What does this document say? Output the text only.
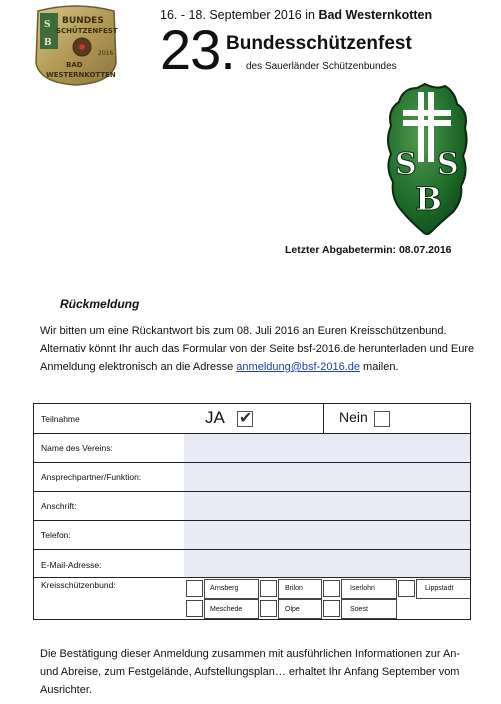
S
B
BUNDES
SCHÜTZENFEST
2016
BAD
WESTERNKOTTEN
16. - 18. September 2016 in Bad Westernkotten
23.
Bundesschützenfest
des Sauerländer Schützenbundes
S S
B
Letzter Abgabetermin: 08.07.2016
Rückmeldung
Wir bitten um eine Rückantwort bis zum 08. Juli 2016 an Euren Kreisschützenbund. Alternativ könnt Ihr auch das Formular von der Seite bsf-2016.de herunterladen und Eure Anmeldung elektronisch an die Adresse anmeldung@bsf-2016.de mailen.
Teilnahme	JA ✔	Nein
Name des Vereins:
Ansprechpartner/Funktion:
Anschrift:
Telefon:
E-Mail-Adresse:
Kreisschützenbund:	Arnsberg	Brilon	Iserlohn	Lippstadt
Meschede	Olpe	Soest
Die Bestätigung dieser Anmeldung zusammen mit ausführlichen Informationen zur An- und Abreise, zum Festgelände, Aufstellungsplan… erhaltet Ihr Anfang September vom Ausrichter.
